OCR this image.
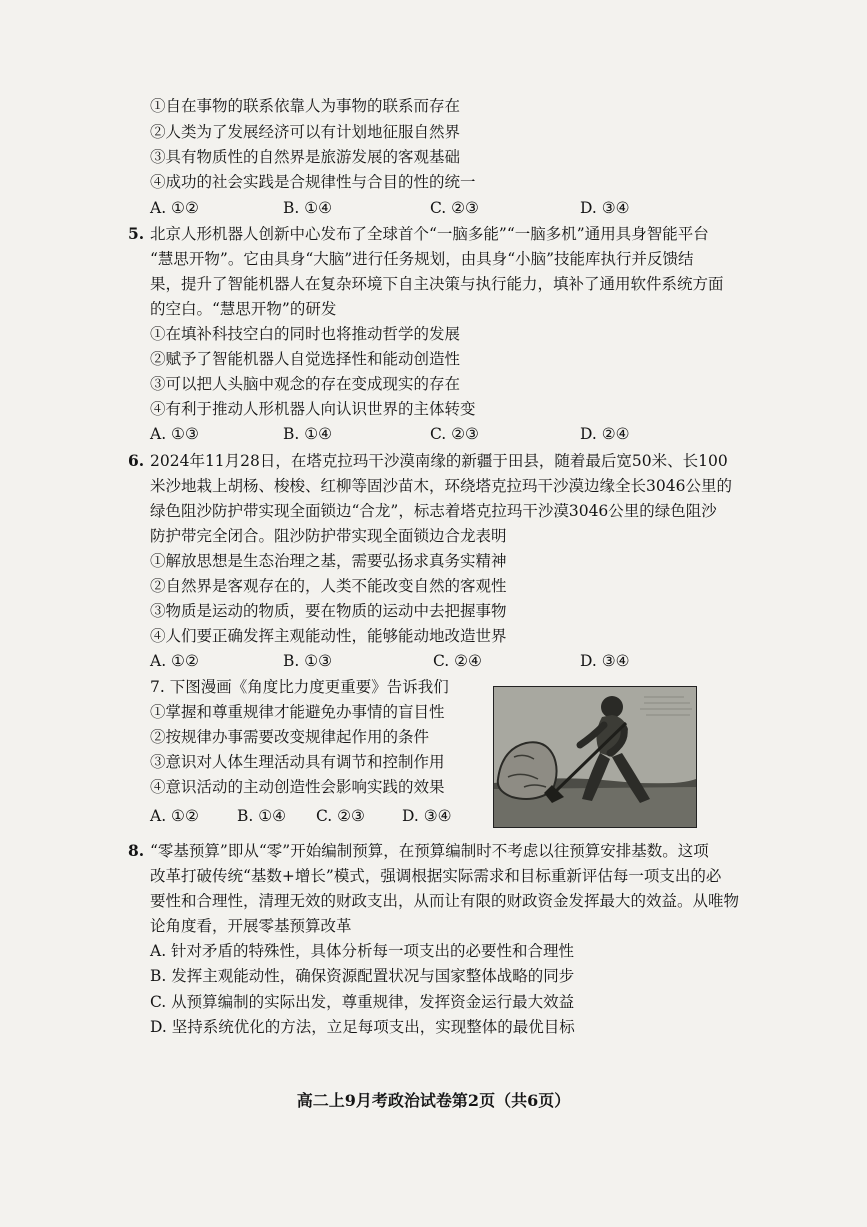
①自在事物的联系依靠人为事物的联系而存在
②人类为了发展经济可以有计划地征服自然界
③具有物质性的自然界是旅游发展的客观基础
④成功的社会实践是合规律性与合目的性的统一
A. ①②	B. ①④	C. ②③	D. ③④
5. 北京人形机器人创新中心发布了全球首个“一脑多能”“一脑多机”通用具身智能平台
“慧思开物”。它由具身“大脑”进行任务规划，由具身“小脑”技能库执行并反馈结
果，提升了智能机器人在复杂环境下自主决策与执行能力，填补了通用软件系统方面
的空白。“慧思开物”的研发
①在填补科技空白的同时也将推动哲学的发展
②赋予了智能机器人自觉选择性和能动创造性
③可以把人头脑中观念的存在变成现实的存在
④有利于推动人形机器人向认识世界的主体转变
A. ①③	B. ①④	C. ②③	D. ②④
6. 2024年11月28日，在塔克拉玛干沙漠南缘的新疆于田县，随着最后宽50米、长100
米沙地栽上胡杨、梭梭、红柳等固沙苗木，环绕塔克拉玛干沙漠边缘全长3046公里的
绿色阻沙防护带实现全面锁边“合龙”，标志着塔克拉玛干沙漠3046公里的绿色阻沙
防护带完全闭合。阻沙防护带实现全面锁边合龙表明
①解放思想是生态治理之基，需要弘扬求真务实精神
②自然界是客观存在的，人类不能改变自然的客观性
③物质是运动的物质，要在物质的运动中去把握事物
④人们要正确发挥主观能动性，能够能动地改造世界
A. ①②	B. ①③	C. ②④	D. ③④
7. 下图漫画《角度比力度更重要》告诉我们
①掌握和尊重规律才能避免办事情的盲目性
②按规律办事需要改变规律起作用的条件
③意识对人体生理活动具有调节和控制作用
④意识活动的主动创造性会影响实践的效果
A. ①② B. ①④ C. ②③ D. ③④
8. “零基预算”即从“零”开始编制预算，在预算编制时不考虑以往预算安排基数。这项
改革打破传统“基数+增长”模式，强调根据实际需求和目标重新评估每一项支出的必
要性和合理性，清理无效的财政支出，从而让有限的财政资金发挥最大的效益。从唯物
论角度看，开展零基预算改革
A. 针对矛盾的特殊性，具体分析每一项支出的必要性和合理性
B. 发挥主观能动性，确保资源配置状况与国家整体战略的同步
C. 从预算编制的实际出发，尊重规律，发挥资金运行最大效益
D. 坚持系统优化的方法，立足每项支出，实现整体的最优目标
高二上9月考政治试卷第2页（共6页）
